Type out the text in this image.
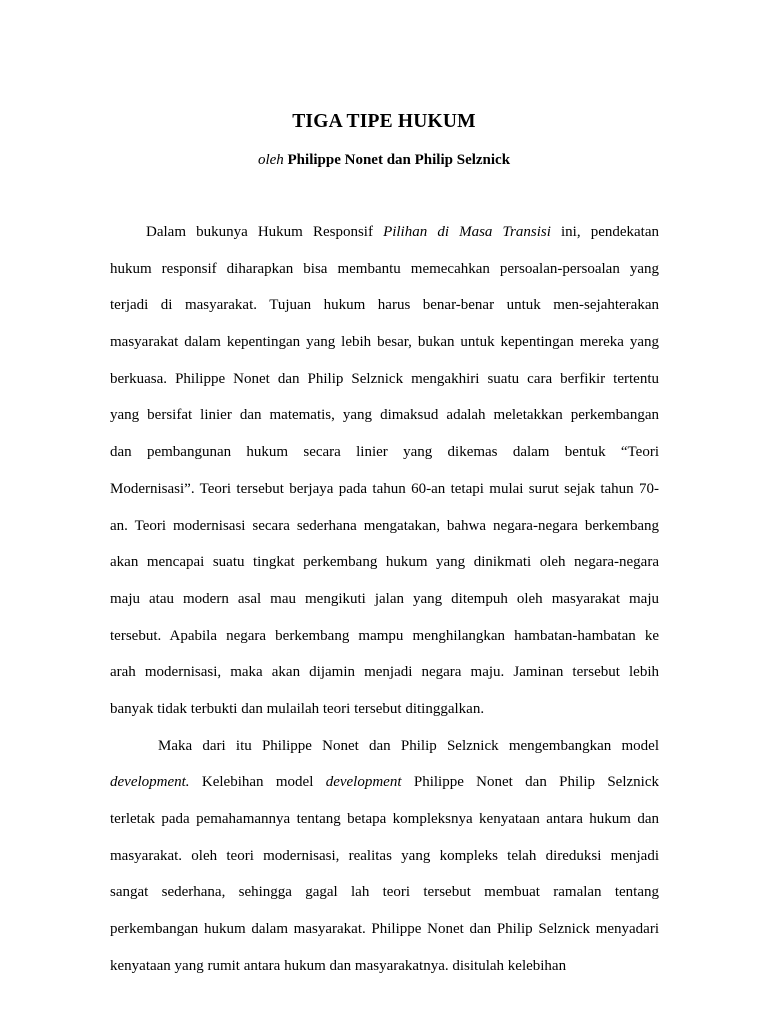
TIGA TIPE HUKUM

oleh Philippe Nonet dan Philip Selznick

Dalam bukunya Hukum Responsif Pilihan di Masa Transisi ini, pendekatan
hukum responsif diharapkan bisa membantu memecahkan persoalan-persoalan yang
terjadi di masyarakat. Tujuan hukum harus benar-benar untuk men-sejahterakan
masyarakat dalam kepentingan yang lebih besar, bukan untuk kepentingan mereka yang
berkuasa. Philippe Nonet dan Philip Selznick mengakhiri suatu cara berfikir tertentu
yang bersifat linier dan matematis, yang dimaksud adalah meletakkan perkembangan
dan pembangunan hukum secara linier yang dikemas dalam bentuk “Teori
Modernisasi”. Teori tersebut berjaya pada tahun 60-an tetapi mulai surut sejak tahun 70-
an. Teori modernisasi secara sederhana mengatakan, bahwa negara-negara berkembang
akan mencapai suatu tingkat perkembang hukum yang dinikmati oleh negara-negara
maju atau modern asal mau mengikuti jalan yang ditempuh oleh masyarakat maju
tersebut. Apabila negara berkembang mampu menghilangkan hambatan-hambatan ke
arah modernisasi, maka akan dijamin menjadi negara maju. Jaminan tersebut lebih
banyak tidak terbukti dan mulailah teori tersebut ditinggalkan.
Maka dari itu Philippe Nonet dan Philip Selznick mengembangkan model
development. Kelebihan model development Philippe Nonet dan Philip Selznick
terletak pada pemahamannya tentang betapa kompleksnya kenyataan antara hukum dan
masyarakat. oleh teori modernisasi, realitas yang kompleks telah direduksi menjadi
sangat sederhana, sehingga gagal lah teori tersebut membuat ramalan tentang
perkembangan hukum dalam masyarakat. Philippe Nonet dan Philip Selznick menyadari
kenyataan yang rumit antara hukum dan masyarakatnya. disitulah kelebihan
